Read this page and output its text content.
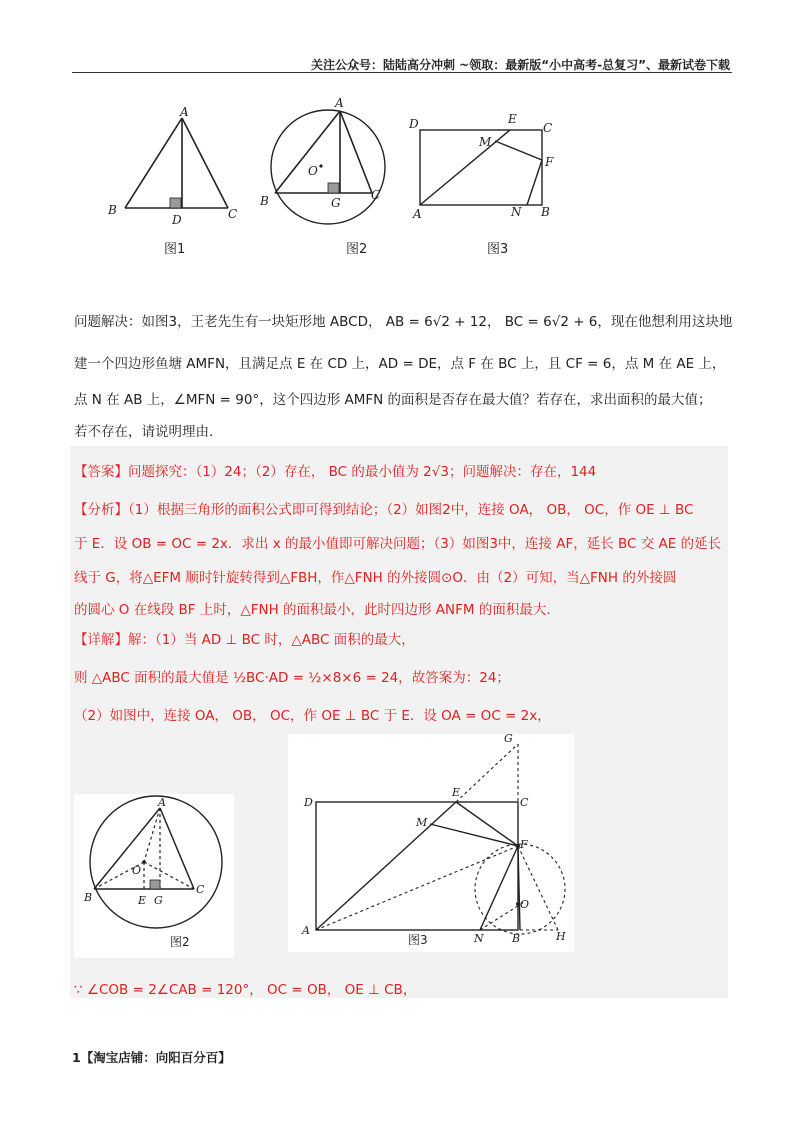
关注公众号：陆陆高分冲刺 ~领取：最新版“小中高考-总复习”、最新试卷下载
A
B	C
D
图1
A
B	C
G
O
图2
D	E
C
M
F
A	N B
图3
问题解决：如图3，王老先生有一块矩形地 ABCD， AB = 6√2 + 12， BC = 6√2 + 6，现在他想利用这块地
建一个四边形鱼塘 AMFN，且满足点 E 在 CD 上，AD = DE，点 F 在 BC 上，且 CF = 6，点 M 在 AE 上，
点 N 在 AB 上，∠MFN = 90°，这个四边形 AMFN 的面积是否存在最大值？若存在，求出面积的最大值；
若不存在，请说明理由.
【答案】问题探究：（1）24；（2）存在， BC 的最小值为 2√3；问题解决：存在，144
【分析】（1）根据三角形的面积公式即可得到结论；（2）如图2中，连接 OA， OB， OC，作 OE ⊥ BC
于 E．设 OB = OC = 2x．求出 x 的最小值即可解决问题；（3）如图3中，连接 AF，延长 BC 交 AE 的延长
线于 G，将△EFM 顺时针旋转得到△FBH，作△FNH 的外接圆⊙O．由（2）可知，当△FNH 的外接圆
的圆心 O 在线段 BF 上时，△FNH 的面积最小，此时四边形 ANFM 的面积最大.
【详解】解：（1）当 AD ⊥ BC 时，△ABC 面积的最大，
则 △ABC 面积的最大值是 ½BC·AD = ½×8×6 = 24，故答案为：24；
（2）如图中，连接 OA， OB， OC，作 OE ⊥ BC 于 E．设 OA = OC = 2x，
A
O
B	E G
C
图2
G
D
E
C
M
F
O
A
N	B	H
图3
∵ ∠COB = 2∠CAB = 120°， OC = OB， OE ⊥ CB，
1【淘宝店铺：向阳百分百】
